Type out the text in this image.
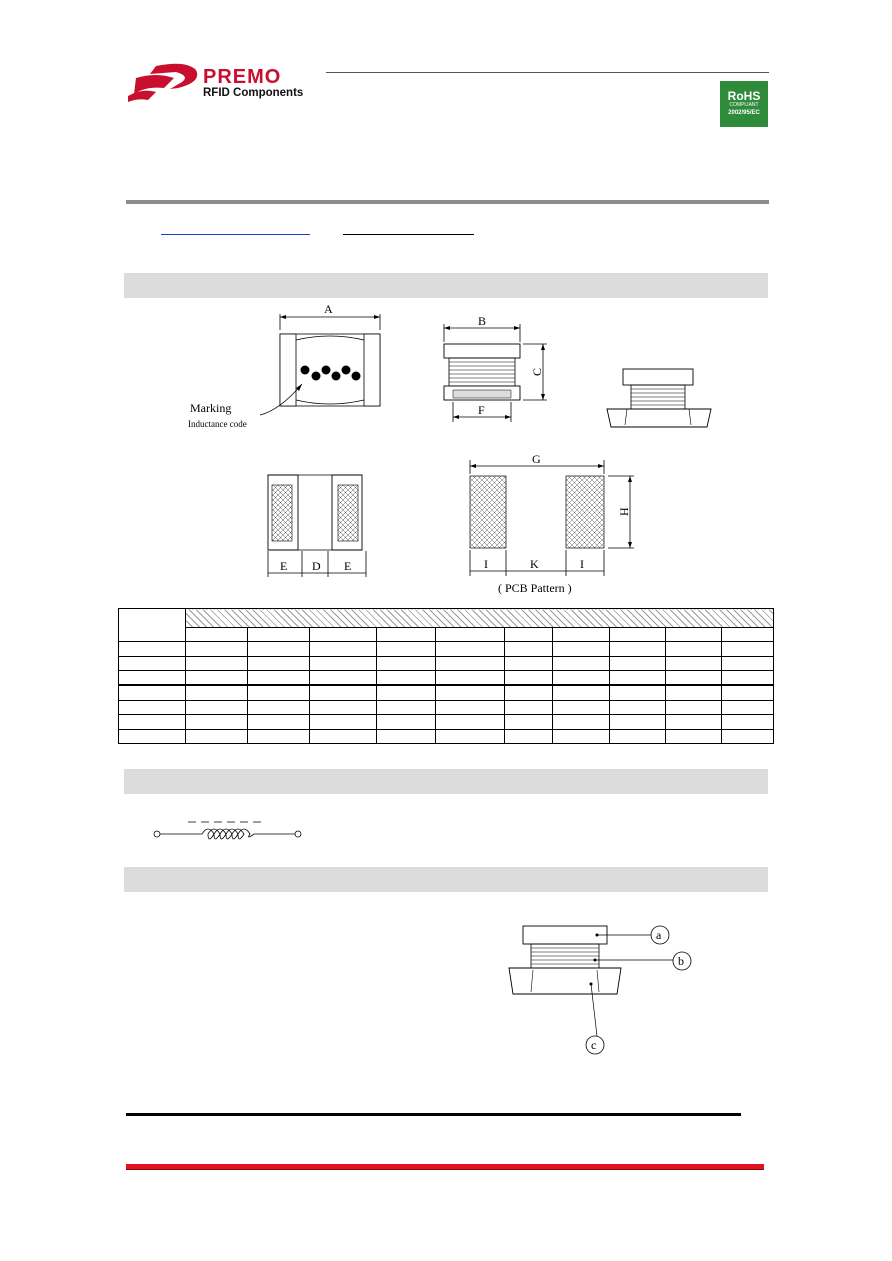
PREMO
RFID Components	RoHS
COMPLIANT
2002/95/EC
A
Marking
Inductance code
B
C
F
E D E
G
H
I	K	I
( PCB Pattern )

a
b
c
